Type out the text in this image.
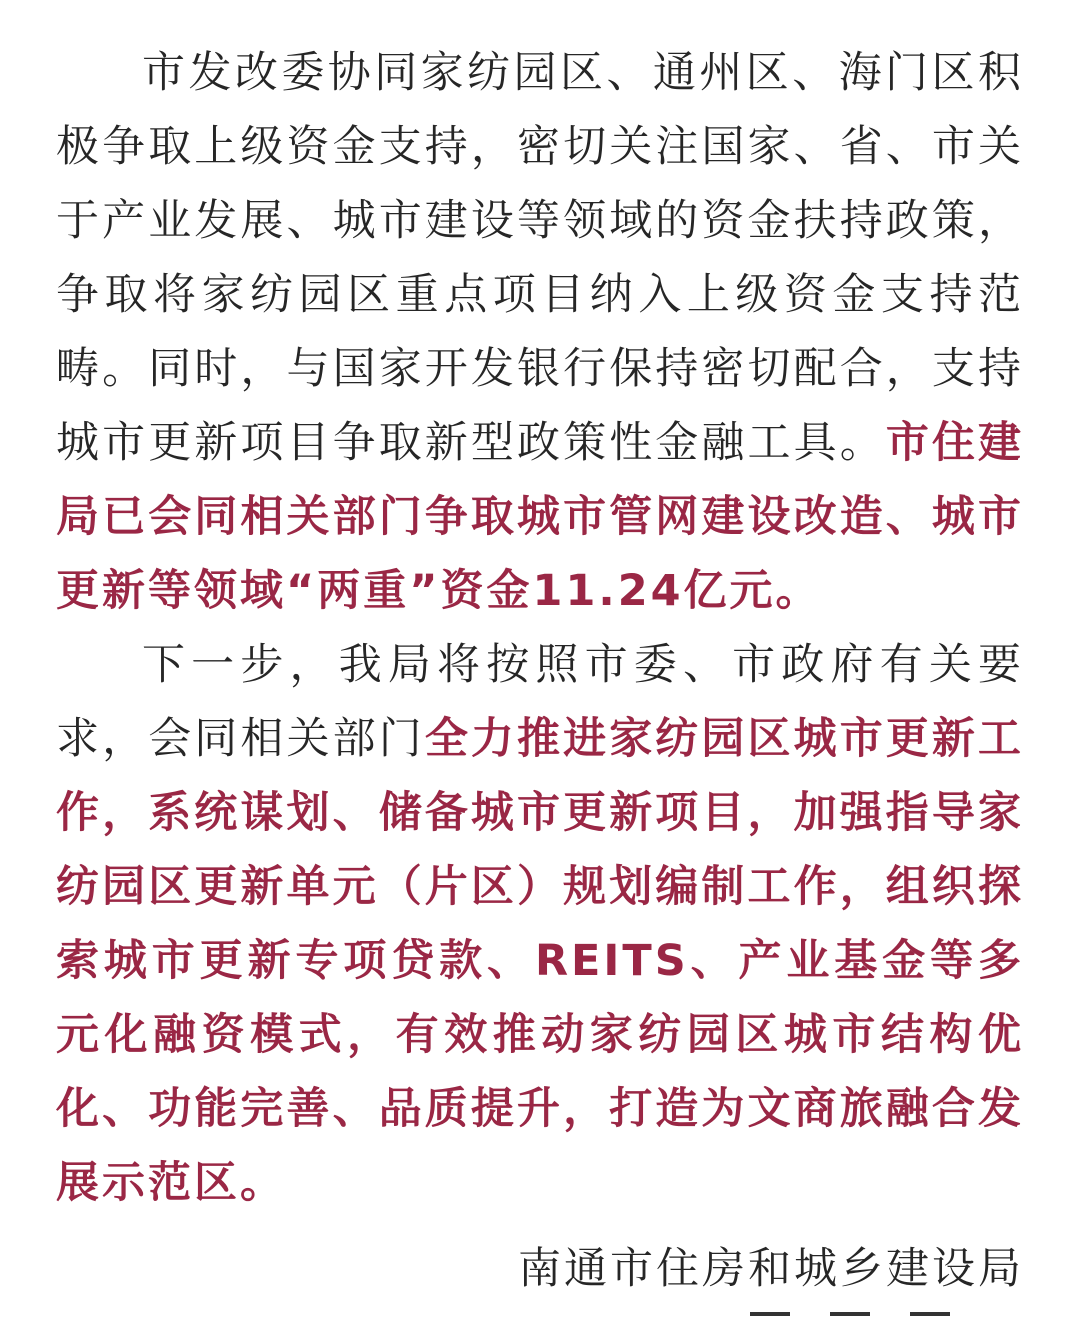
市发改委协同家纺园区、通州区、海门区积极争取上级资金支持，密切关注国家、省、市关于产业发展、城市建设等领域的资金扶持政策，争取将家纺园区重点项目纳入上级资金支持范畴。同时，与国家开发银行保持密切配合，支持城市更新项目争取新型政策性金融工具。市住建局已会同相关部门争取城市管网建设改造、城市更新等领域“两重”资金11.24亿元。

下一步，我局将按照市委、市政府有关要求，会同相关部门全力推进家纺园区城市更新工作，系统谋划、储备城市更新项目，加强指导家纺园区更新单元（片区）规划编制工作，组织探索城市更新专项贷款、REITS、产业基金等多元化融资模式，有效推动家纺园区城市结构优化、功能完善、品质提升，打造为文商旅融合发展示范区。

南通市住房和城乡建设局
